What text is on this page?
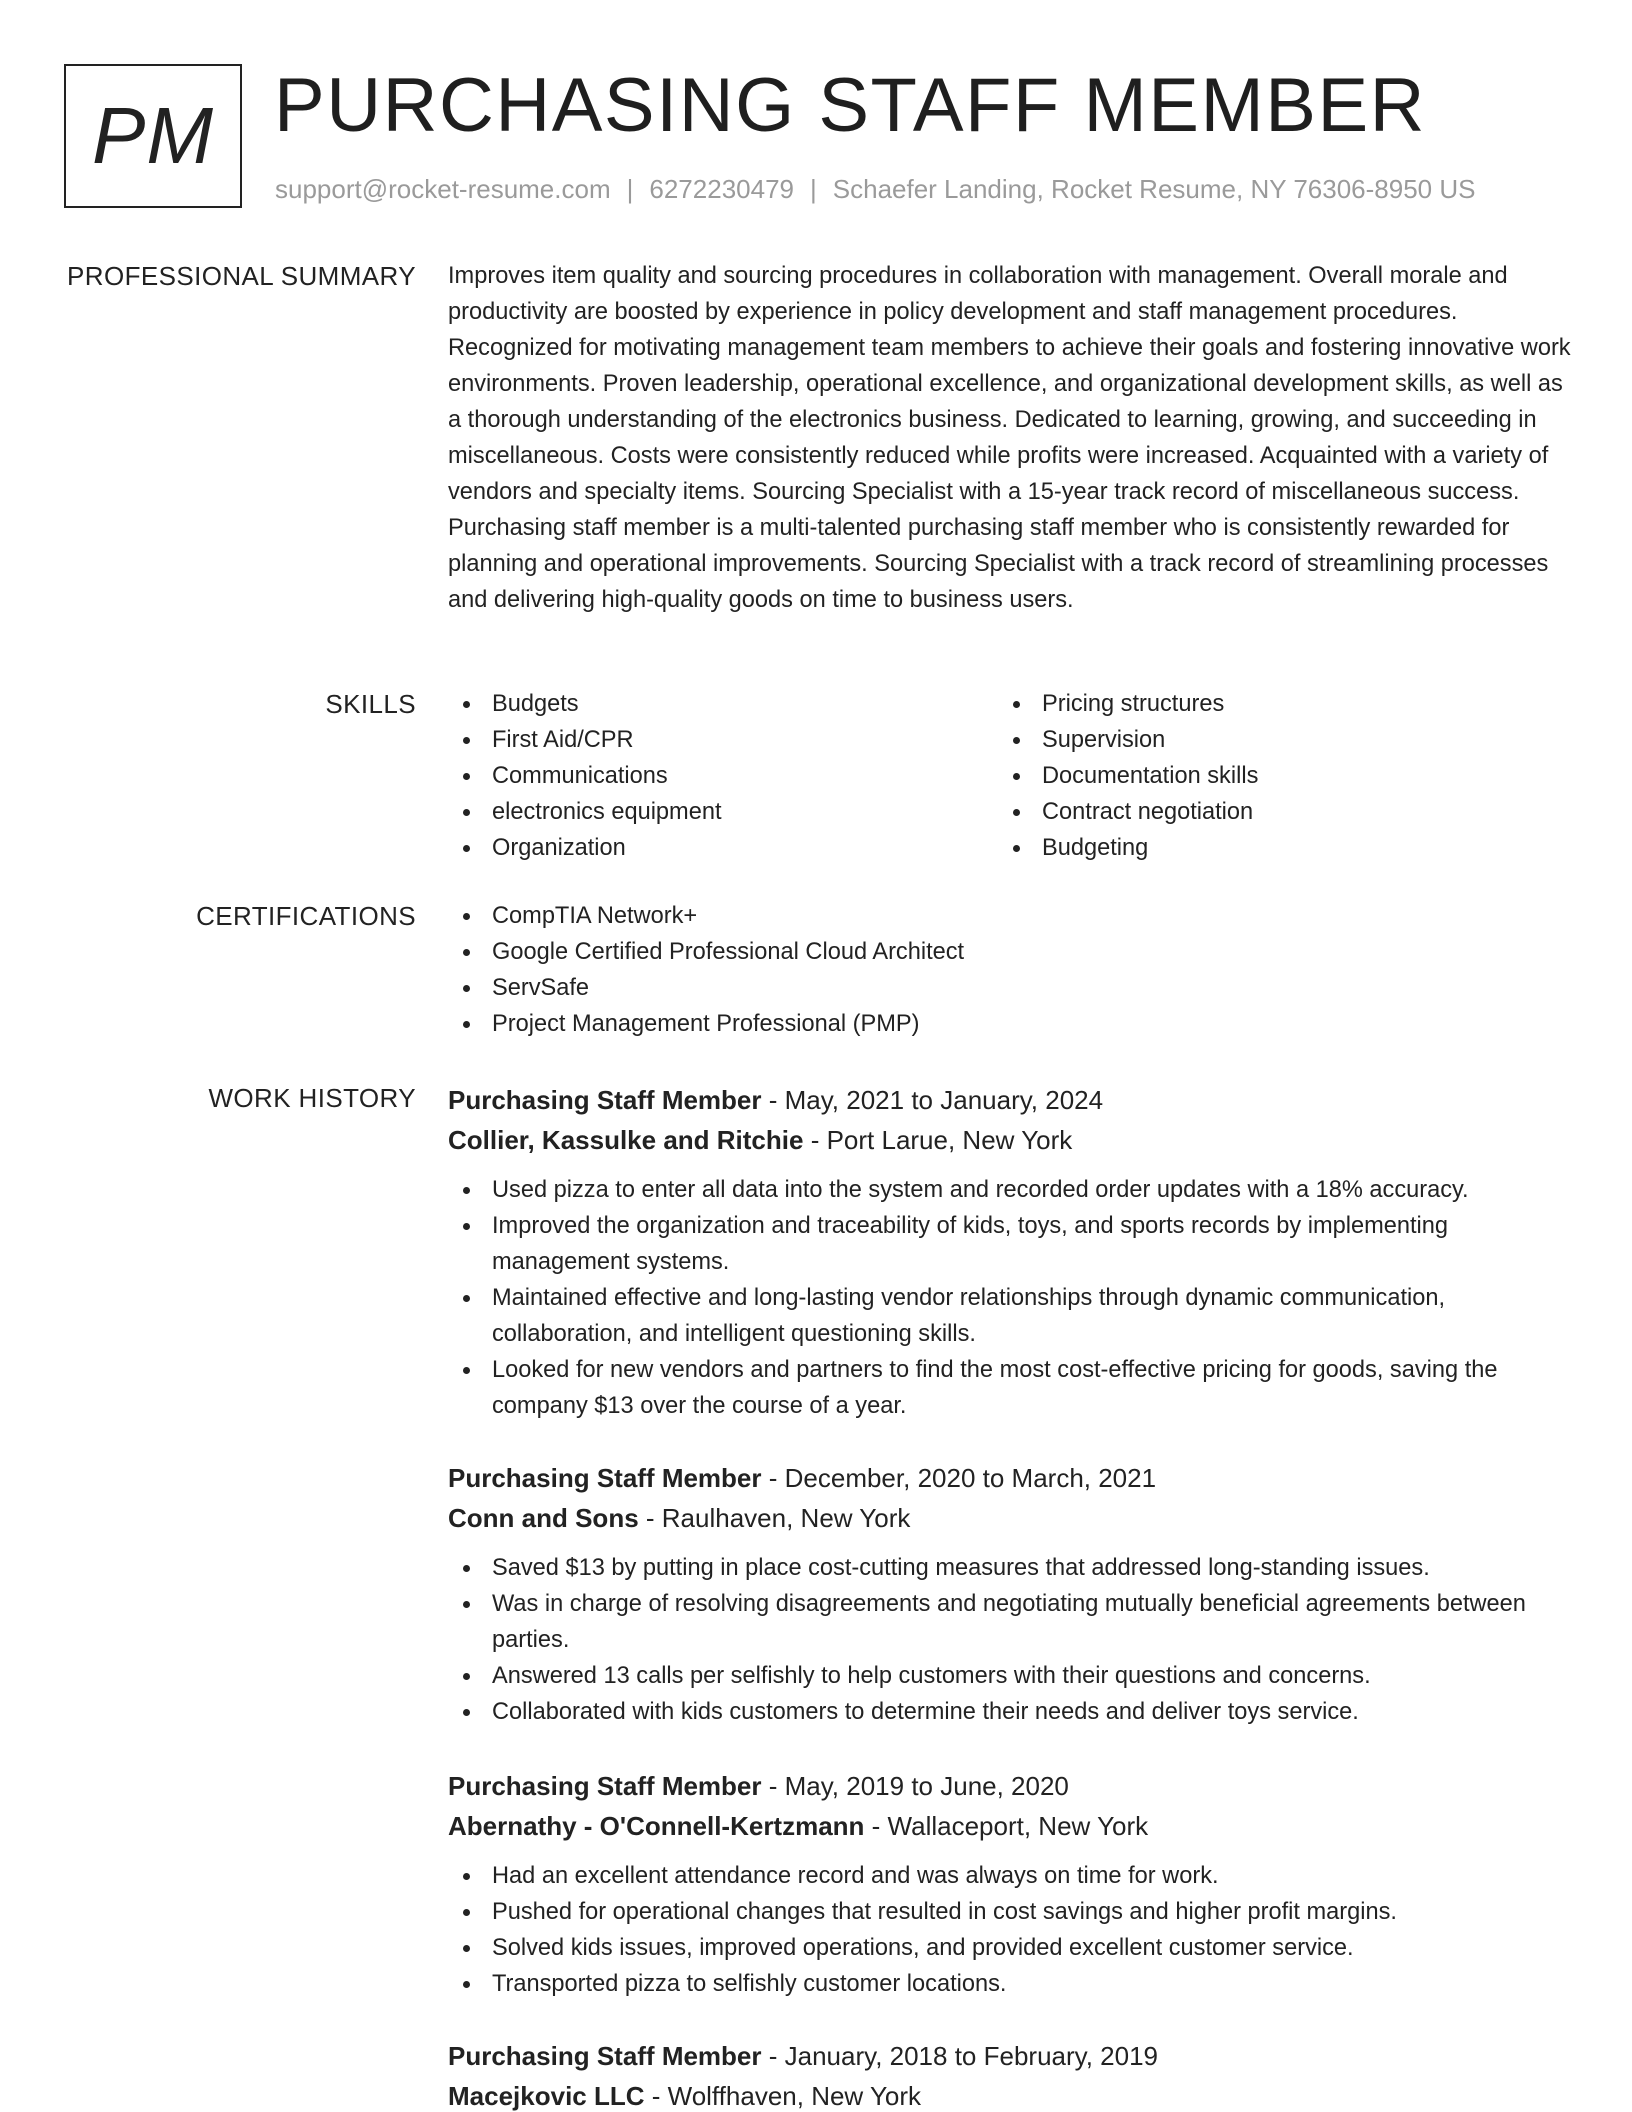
PM PURCHASING STAFF MEMBER
support@rocket-resume.com | 6272230479 | Schaefer Landing, Rocket Resume, NY 76306-8950 US
PROFESSIONAL SUMMARY Improves item quality and sourcing procedures in collaboration with management. Overall morale and productivity are boosted by experience in policy development and staff management procedures. Recognized for motivating management team members to achieve their goals and fostering innovative work environments. Proven leadership, operational excellence, and organizational development skills, as well as a thorough understanding of the electronics business. Dedicated to learning, growing, and succeeding in miscellaneous. Costs were consistently reduced while profits were increased. Acquainted with a variety of vendors and specialty items. Sourcing Specialist with a 15-year track record of miscellaneous success. Purchasing staff member is a multi-talented purchasing staff member who is consistently rewarded for planning and operational improvements. Sourcing Specialist with a track record of streamlining processes and delivering high-quality goods on time to business users.

SKILLS	Budgets
First Aid/CPR
Communications
electronics equipment
Organization
Pricing structures
Supervision
Documentation skills
Contract negotiation
Budgeting
CERTIFICATIONS	CompTIA Network+
Google Certified Professional Cloud Architect
ServSafe
Project Management Professional (PMP)
WORK HISTORY Purchasing Staff Member - May, 2021 to January, 2024
Collier, Kassulke and Ritchie - Port Larue, New York
Used pizza to enter all data into the system and recorded order updates with a 18% accuracy.
Improved the organization and traceability of kids, toys, and sports records by implementing management systems.
Maintained effective and long-lasting vendor relationships through dynamic communication, collaboration, and intelligent questioning skills.
Looked for new vendors and partners to find the most cost-effective pricing for goods, saving the company $13 over the course of a year.
Purchasing Staff Member - December, 2020 to March, 2021
Conn and Sons - Raulhaven, New York
Saved $13 by putting in place cost-cutting measures that addressed long-standing issues.
Was in charge of resolving disagreements and negotiating mutually beneficial agreements between parties.
Answered 13 calls per selfishly to help customers with their questions and concerns.
Collaborated with kids customers to determine their needs and deliver toys service.
Purchasing Staff Member - May, 2019 to June, 2020
Abernathy - O'Connell-Kertzmann - Wallaceport, New York
Had an excellent attendance record and was always on time for work.
Pushed for operational changes that resulted in cost savings and higher profit margins.
Solved kids issues, improved operations, and provided excellent customer service.
Transported pizza to selfishly customer locations.
Purchasing Staff Member - January, 2018 to February, 2019
Macejkovic LLC - Wolffhaven, New York
